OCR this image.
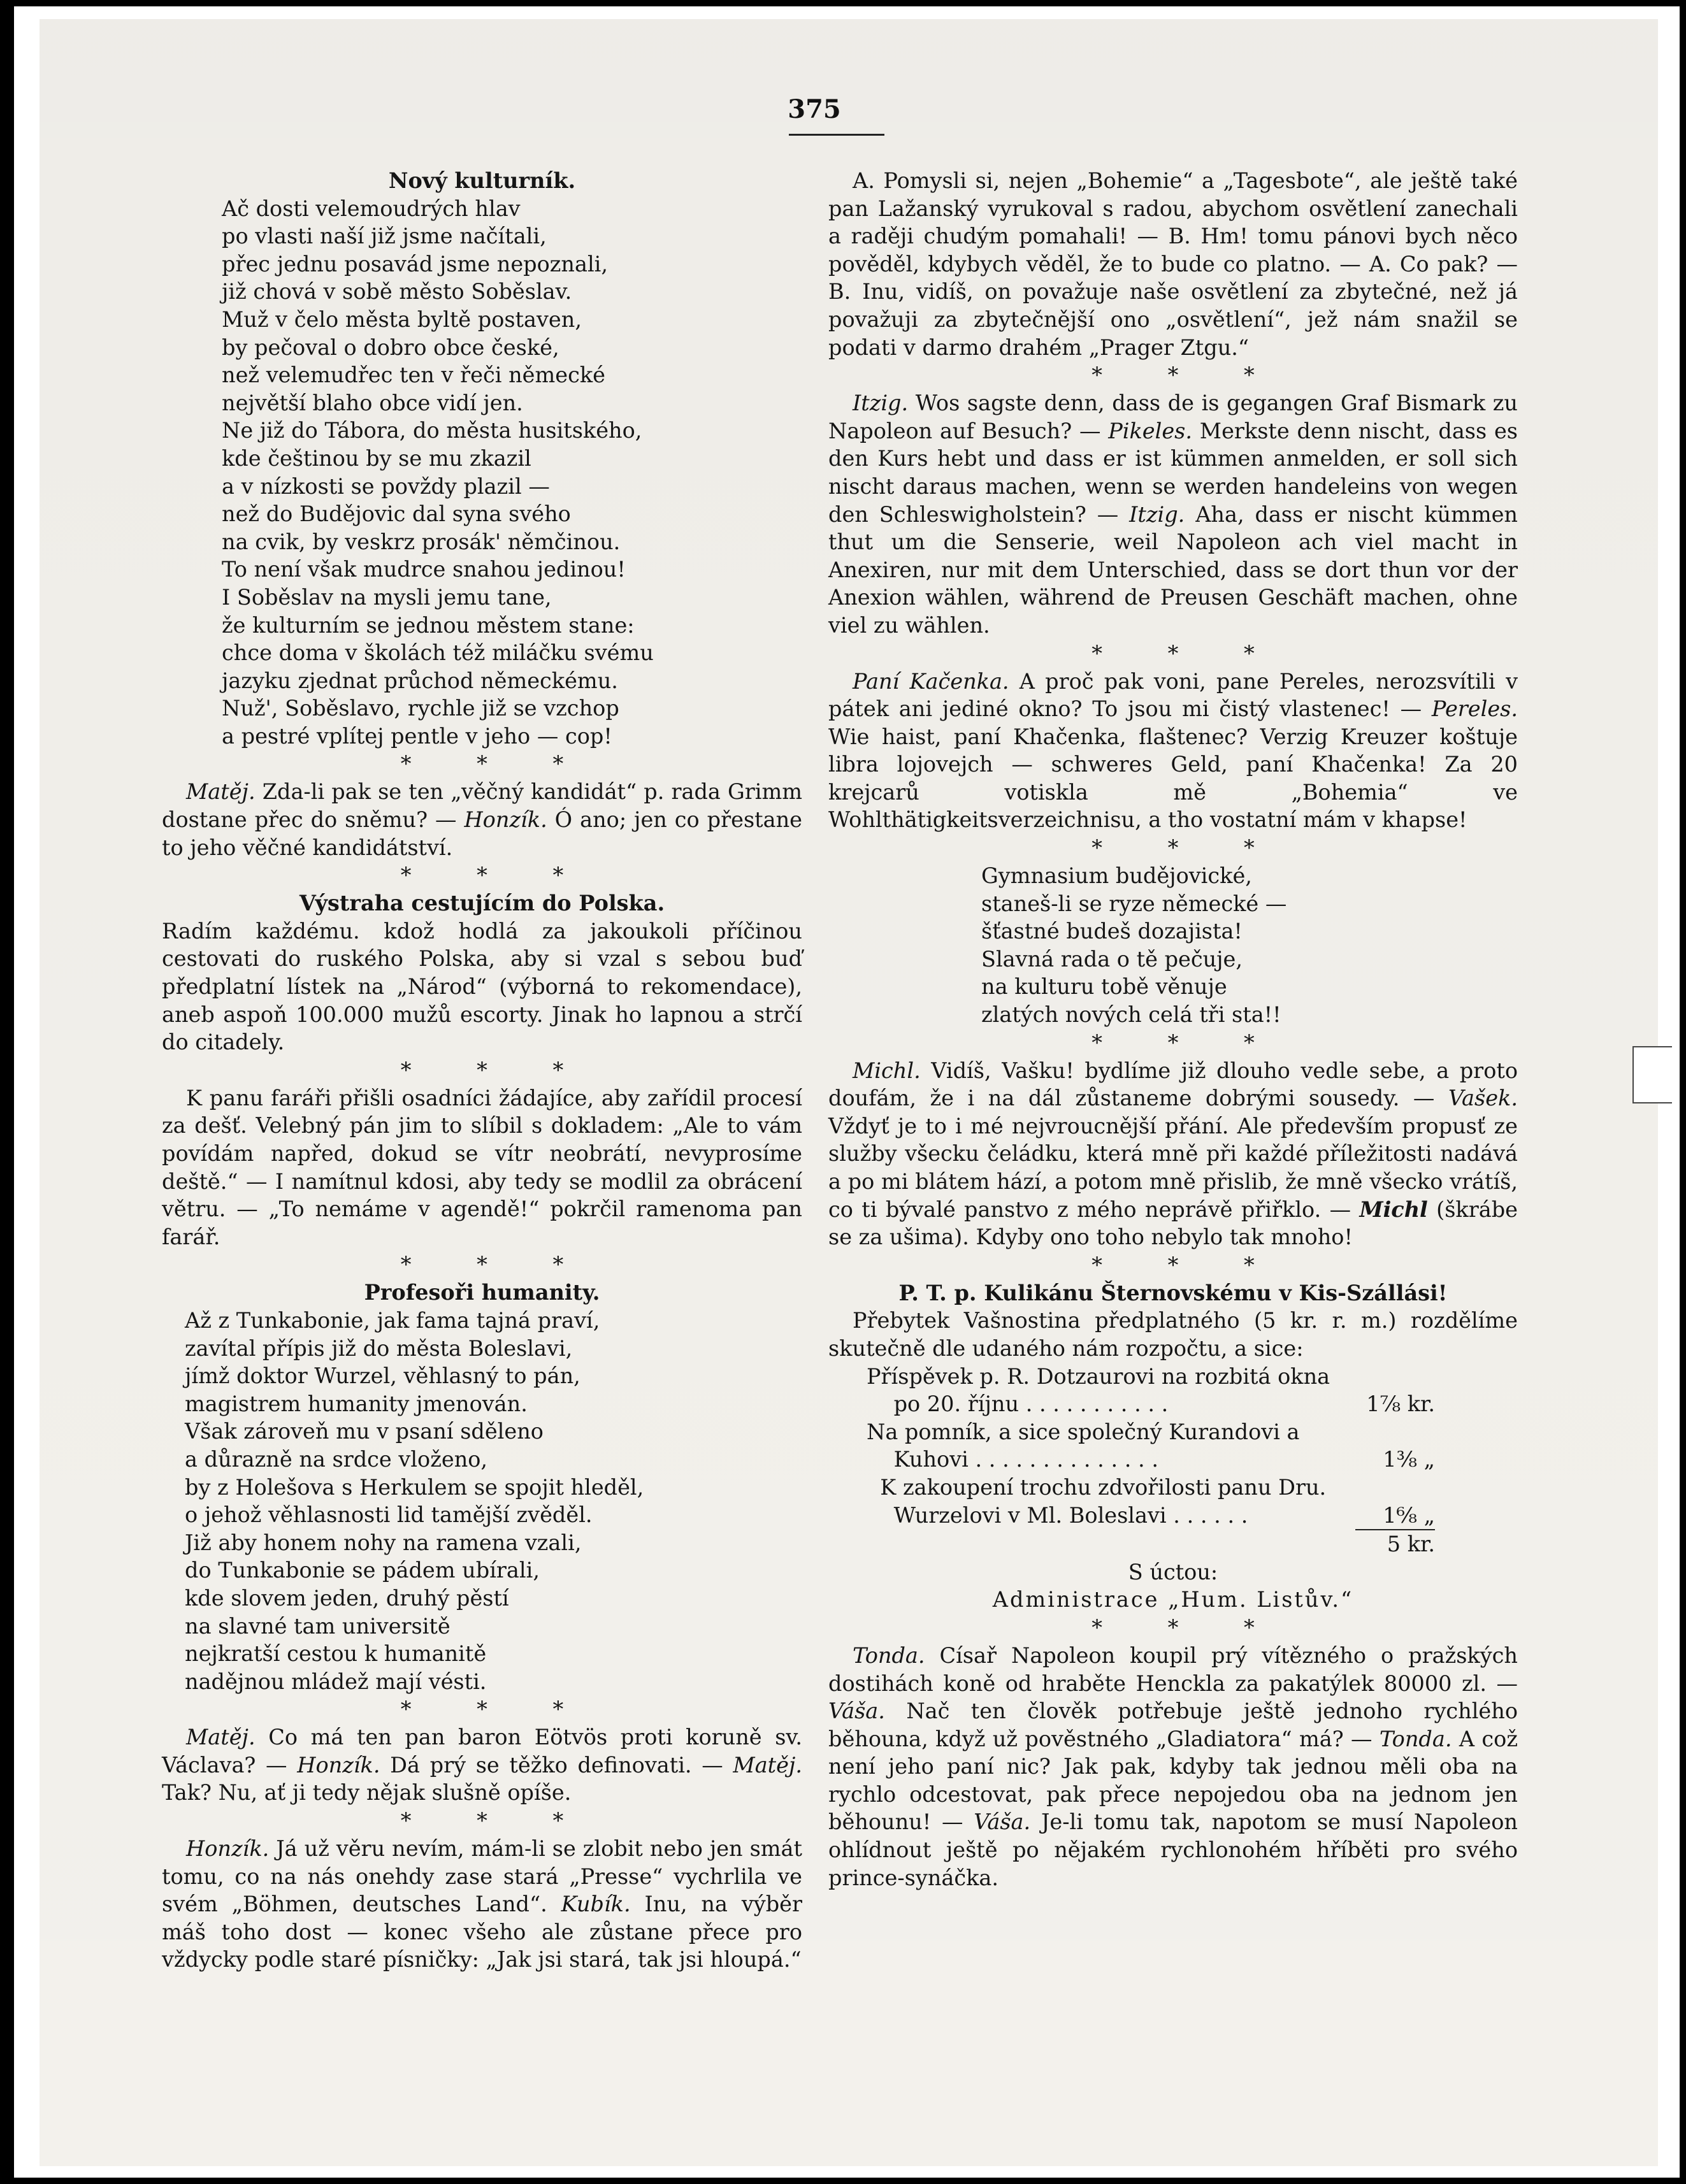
375

Nový kulturník.

Ač dosti velemoudrých hlav
po vlasti naší již jsme načítali,
přec jednu posavád jsme nepoznali,
již chová v sobě město Soběslav.
Muž v čelo města byltě postaven,
by pečoval o dobro obce české,
než velemudřec ten v řeči německé
největší blaho obce vidí jen.
Ne již do Tábora, do města husitského,
kde češtinou by se mu zkazil
a v nízkosti se povždy plazil —
než do Budějovic dal syna svého
na cvik, by veskrz prosák' němčinou.
To není však mudrce snahou jedinou!
I Soběslav na mysli jemu tane,
že kulturním se jednou městem stane:
chce doma v školách též miláčku svému
jazyku zjednat průchod německému.
Nuž', Soběslavo, rychle již se vzchop
a pestré vplítej pentle v jeho — cop!

* * *

Matěj. Zda-li pak se ten „věčný kandidát“ p. rada Grimm dostane přec do sněmu? — Honzík. Ó ano; jen co přestane to jeho věčné kandidátství.

* * *

Výstraha cestujícím do Polska.

Radím každému. kdož hodlá za jakoukoli příčinou cestovati do ruského Polska, aby si vzal s sebou buď předplatní lístek na „Národ“ (výborná to rekomendace), aneb aspoň 100.000 mužů escorty. Jinak ho lapnou a strčí do citadely.

* * *

K panu faráři přišli osadníci žádajíce, aby zařídil procesí za dešť. Velebný pán jim to slíbil s dokladem: „Ale to vám povídám napřed, dokud se vítr neobrátí, nevyprosíme deště.“ — I namítnul kdosi, aby tedy se modlil za obrácení větru. — „To nemáme v agendě!“ pokrčil ramenoma pan farář.

* * *

Profesoři humanity.

Až z Tunkabonie, jak fama tajná praví,
zavítal přípis již do města Boleslavi,
jímž doktor Wurzel, věhlasný to pán,
magistrem humanity jmenován.
Však zároveň mu v psaní sděleno
a důrazně na srdce vloženo,
by z Holešova s Herkulem se spojit hleděl,
o jehož věhlasnosti lid tamější zvěděl.
Již aby honem nohy na ramena vzali,
do Tunkabonie se pádem ubírali,
kde slovem jeden, druhý pěstí
na slavné tam universitě
nejkratší cestou k humanitě
nadějnou mládež mají vésti.

* * *

Matěj. Co má ten pan baron Eötvös proti koruně sv. Václava? — Honzík. Dá prý se těžko definovati. — Matěj. Tak? Nu, ať ji tedy nějak slušně opíše.

* * *

Honzík. Já už věru nevím, mám-li se zlobit nebo jen smát tomu, co na nás onehdy zase stará „Presse“ vychrlila ve svém „Böhmen, deutsches Land“. Kubík. Inu, na výběr máš toho dost — konec všeho ale zůstane přece pro vždycky podle staré písničky: „Jak jsi stará, tak jsi hloupá.“

A. Pomysli si, nejen „Bohemie“ a „Tagesbote“, ale ještě také pan Lažanský vyrukoval s radou, abychom osvětlení zanechali a raději chudým pomahali! — B. Hm! tomu pánovi bych něco pověděl, kdybych věděl, že to bude co platno. — A. Co pak? — B. Inu, vidíš, on považuje naše osvětlení za zbytečné, než já považuji za zbytečnější ono „osvětlení“, jež nám snažil se podati v darmo drahém „Prager Ztgu.“

* * *

Itzig. Wos sagste denn, dass de is gegangen Graf Bismark zu Napoleon auf Besuch? — Pikeles. Merkste denn nischt, dass es den Kurs hebt und dass er ist kümmen anmelden, er soll sich nischt daraus machen, wenn se werden handeleins von wegen den Schleswigholstein? — Itzig. Aha, dass er nischt kümmen thut um die Senserie, weil Napoleon ach viel macht in Anexiren, nur mit dem Unterschied, dass se dort thun vor der Anexion wählen, während de Preusen Geschäft machen, ohne viel zu wählen.

* * *

Paní Kačenka. A proč pak voni, pane Pereles, nerozsvítili v pátek ani jediné okno? To jsou mi čistý vlastenec! — Pereles. Wie haist, paní Khačenka, flaštenec? Verzig Kreuzer koštuje libra lojovejch — schweres Geld, paní Khačenka! Za 20 krejcarů votiskla mě „Bohemia“ ve Wohlthätigkeitsverzeichnisu, a tho vostatní mám v khapse!

* * *

Gymnasium budějovické,
staneš-li se ryze německé —
šťastné budeš dozajista!
Slavná rada o tě pečuje,
na kulturu tobě věnuje
zlatých nových celá tři sta!!

* * *

Michl. Vidíš, Vašku! bydlíme již dlouho vedle sebe, a proto doufám, že i na dál zůstaneme dobrými sousedy. — Vašek. Vždyť je to i mé nejvroucnější přání. Ale především propusť ze služby všecku čeládku, která mně při každé příležitosti nadává a po mi blátem hází, a potom mně přislib, že mně všecko vrátíš, co ti bývalé panstvo z mého neprávě přiřklo. — Michl (škrábe se za ušima). Kdyby ono toho nebylo tak mnoho!

* * *

P. T. p. Kulikánu Šternovskému v Kis-Szállási!

Přebytek Vašnostina předplatného (5 kr. r. m.) rozdělíme skutečně dle udaného nám rozpočtu, a sice:

Příspěvek p. R. Dotzaurovi na rozbitá okna
po 20. říjnu . . . . . . . . . . .	1⅞ kr.
Na pomník, a sice společný Kurandovi a
Kuhovi . . . . . . . . . . . . . .	1⅜ „
K zakoupení trochu zdvořilosti panu Dru.
Wurzelovi v Ml. Boleslavi . . . . . .	1⁶⁄₈ „
5 kr.

S úctou:

Administrace „Hum. Listův.“

* * *

Tonda. Císař Napoleon koupil prý vítězného o pražských dostihách koně od hraběte Henckla za pakatýlek 80000 zl. — Váša. Nač ten člověk potřebuje ještě jednoho rychlého běhouna, když už pověstného „Gladiatora“ má? — Tonda. A což není jeho paní nic? Jak pak, kdyby tak jednou měli oba na rychlo odcestovat, pak přece nepojedou oba na jednom jen běhounu! — Váša. Je-li tomu tak, napotom se musí Napoleon ohlídnout ještě po nějakém rychlonohém hříběti pro svého prince-synáčka.
